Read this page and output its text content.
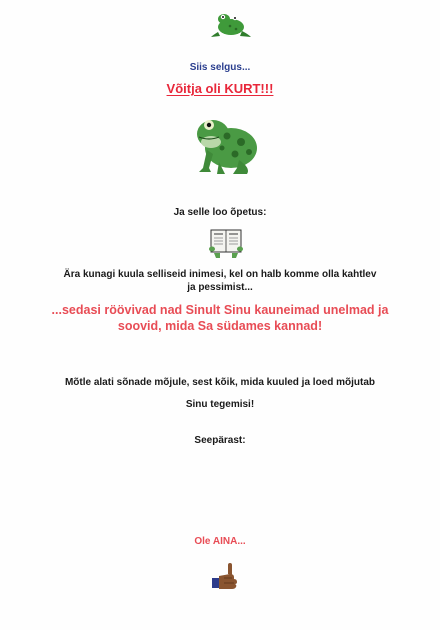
Siis selgus...
Võitja oli KURT!!!
Ja selle loo õpetus:
Ära kunagi kuula selliseid inimesi, kel on halb komme olla kahtlev
ja pessimist...
...sedasi röövivad nad Sinult Sinu kauneimad unelmad ja
soovid, mida Sa südames kannad!
Mõtle alati sõnade mõjule, sest kõik, mida kuuled ja loed mõjutab
Sinu tegemisi!
Seepärast:
Ole AINA...
